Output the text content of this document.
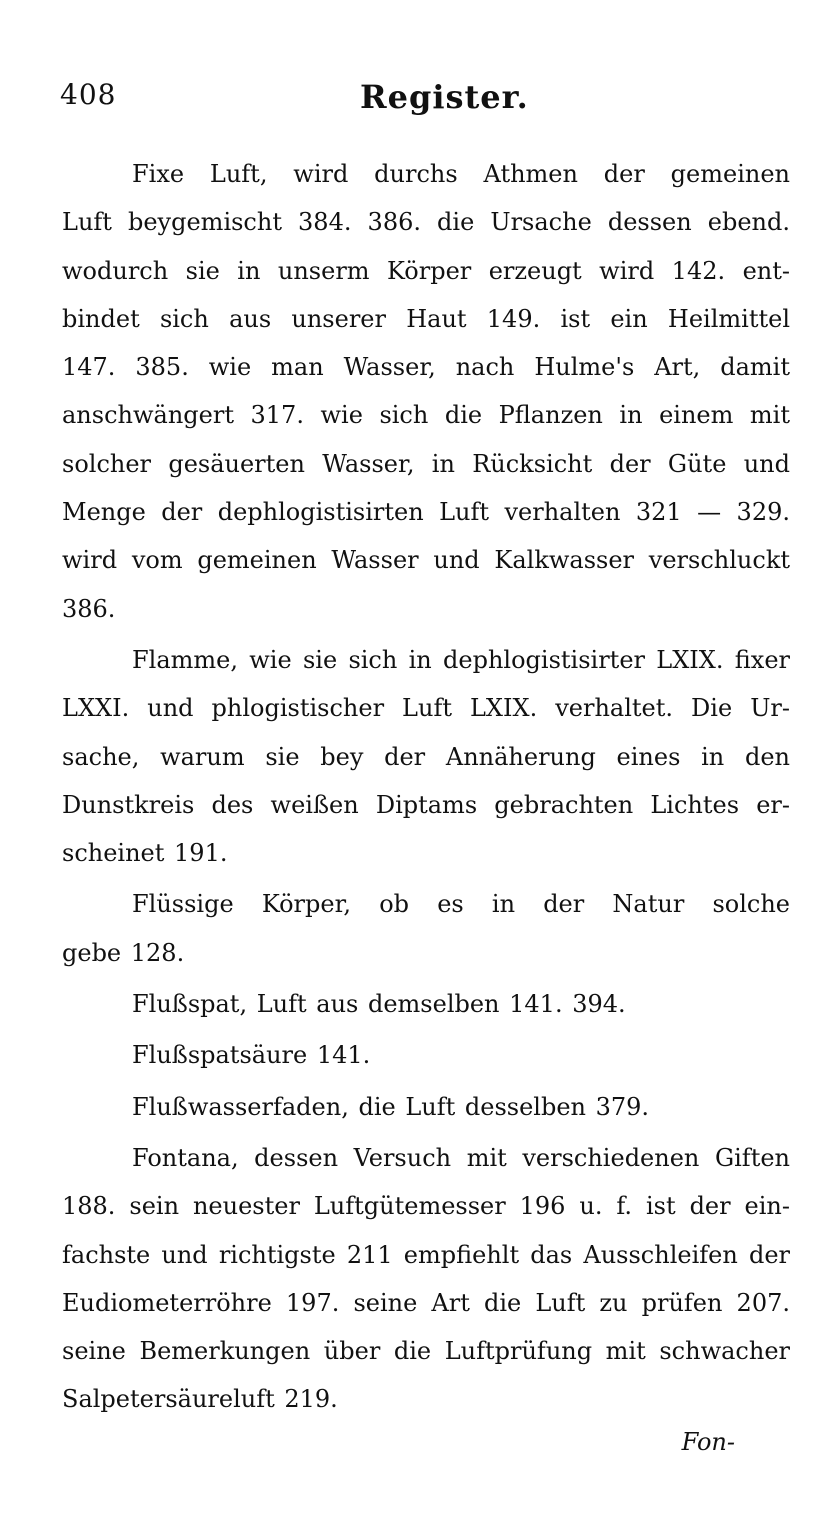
408	Register.

Fixe Luft, wird durchs Athmen der gemeinen
Luft beygemischt 384. 386. die Ursache dessen ebend.
wodurch sie in unserm Körper erzeugt wird 142. ent-
bindet sich aus unserer Haut 149. ist ein Heilmittel
147. 385. wie man Wasser, nach Hulme's Art, damit
anschwängert 317. wie sich die Pflanzen in einem mit
solcher gesäuerten Wasser, in Rücksicht der Güte und
Menge der dephlogistisirten Luft verhalten 321 — 329.
wird vom gemeinen Wasser und Kalkwasser verschluckt
386.

Flamme, wie sie sich in dephlogistisirter LXIX. fixer
LXXI. und phlogistischer Luft LXIX. verhaltet. Die Ur-
sache, warum sie bey der Annäherung eines in den
Dunstkreis des weißen Diptams gebrachten Lichtes er-
scheinet 191.

Flüssige Körper, ob es in der Natur solche
gebe 128.

Flußspat, Luft aus demselben 141. 394.

Flußspatsäure 141.

Flußwasserfaden, die Luft desselben 379.

Fontana, dessen Versuch mit verschiedenen Giften
188. sein neuester Luftgütemesser 196 u. f. ist der ein-
fachste und richtigste 211 empfiehlt das Ausschleifen der
Eudiometerröhre 197. seine Art die Luft zu prüfen 207.
seine Bemerkungen über die Luftprüfung mit schwacher
Salpetersäureluft 219.

Fon-
